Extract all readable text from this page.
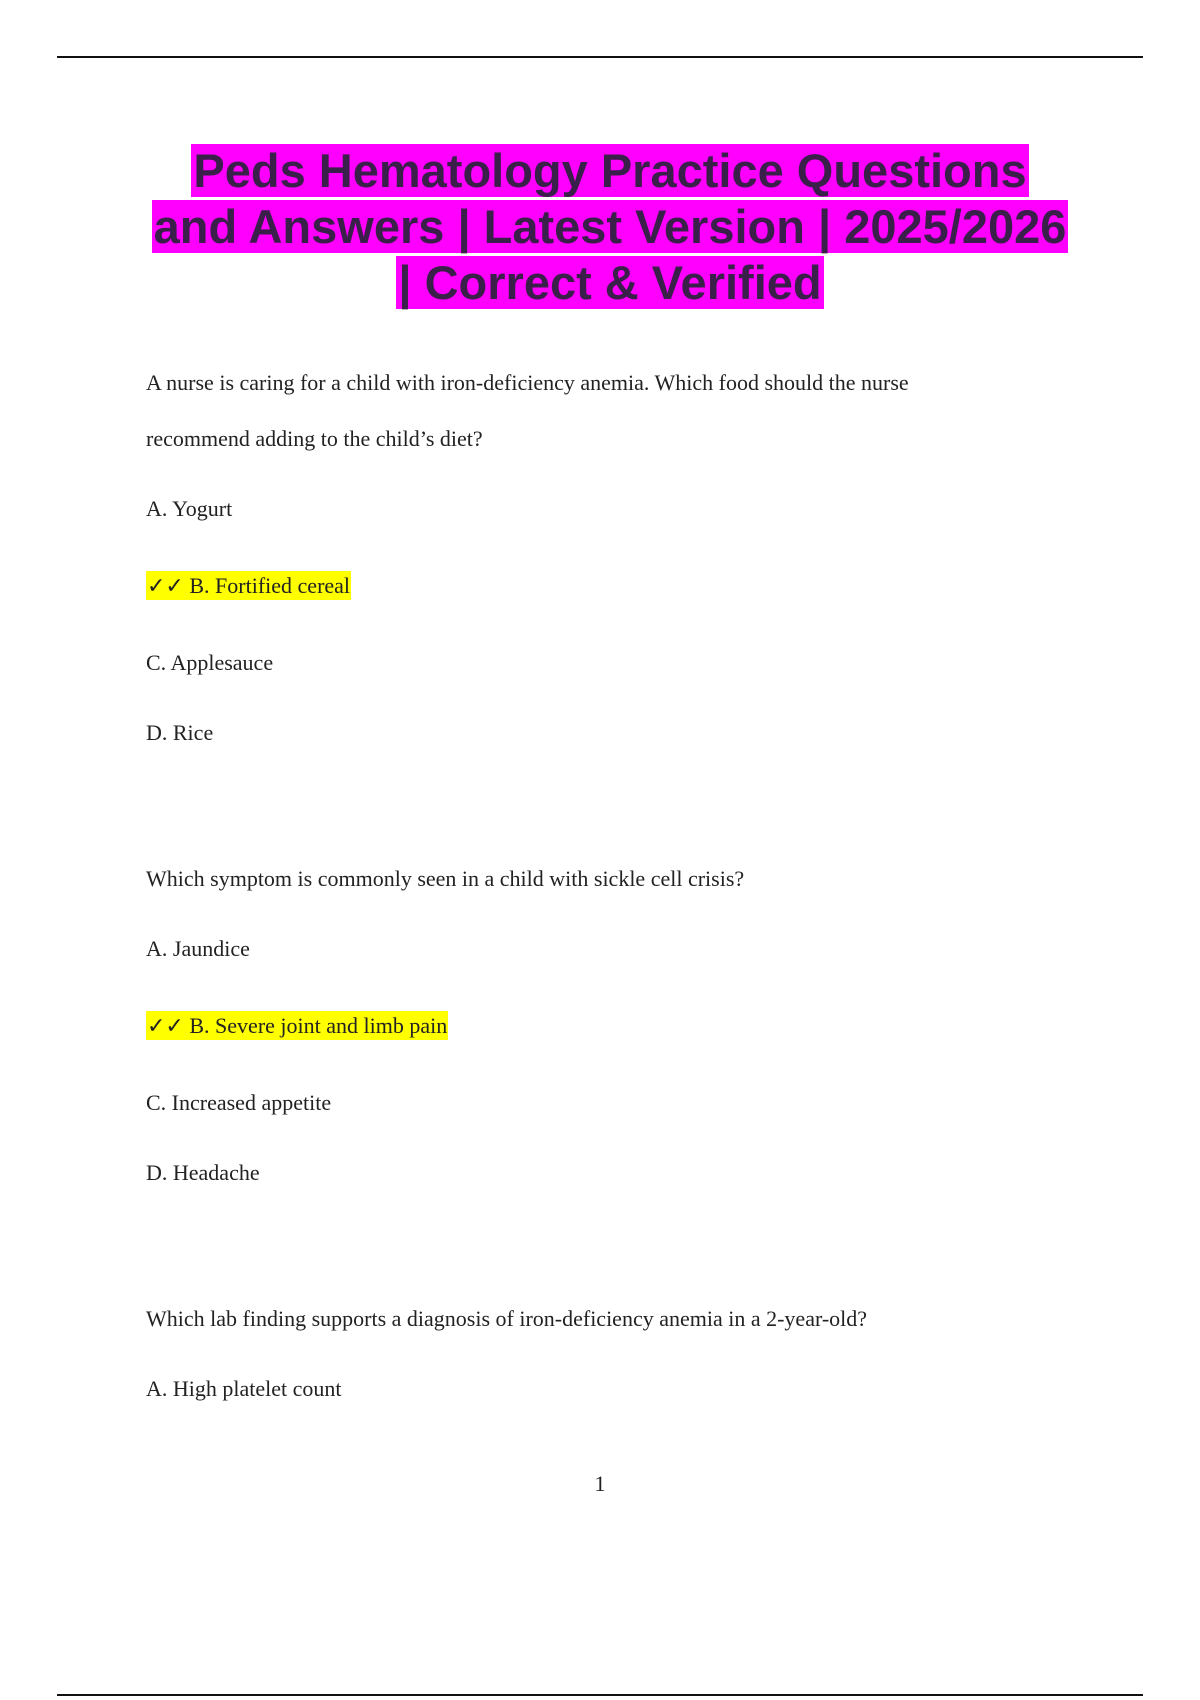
Peds Hematology Practice Questions
and Answers | Latest Version | 2025/2026
| Correct & Verified

A nurse is caring for a child with iron-deficiency anemia. Which food should the nurse

recommend adding to the child’s diet?

A. Yogurt

✓✓ B. Fortified cereal

C. Applesauce

D. Rice

Which symptom is commonly seen in a child with sickle cell crisis?

A. Jaundice

✓✓ B. Severe joint and limb pain

C. Increased appetite

D. Headache

Which lab finding supports a diagnosis of iron-deficiency anemia in a 2-year-old?

A. High platelet count

1
